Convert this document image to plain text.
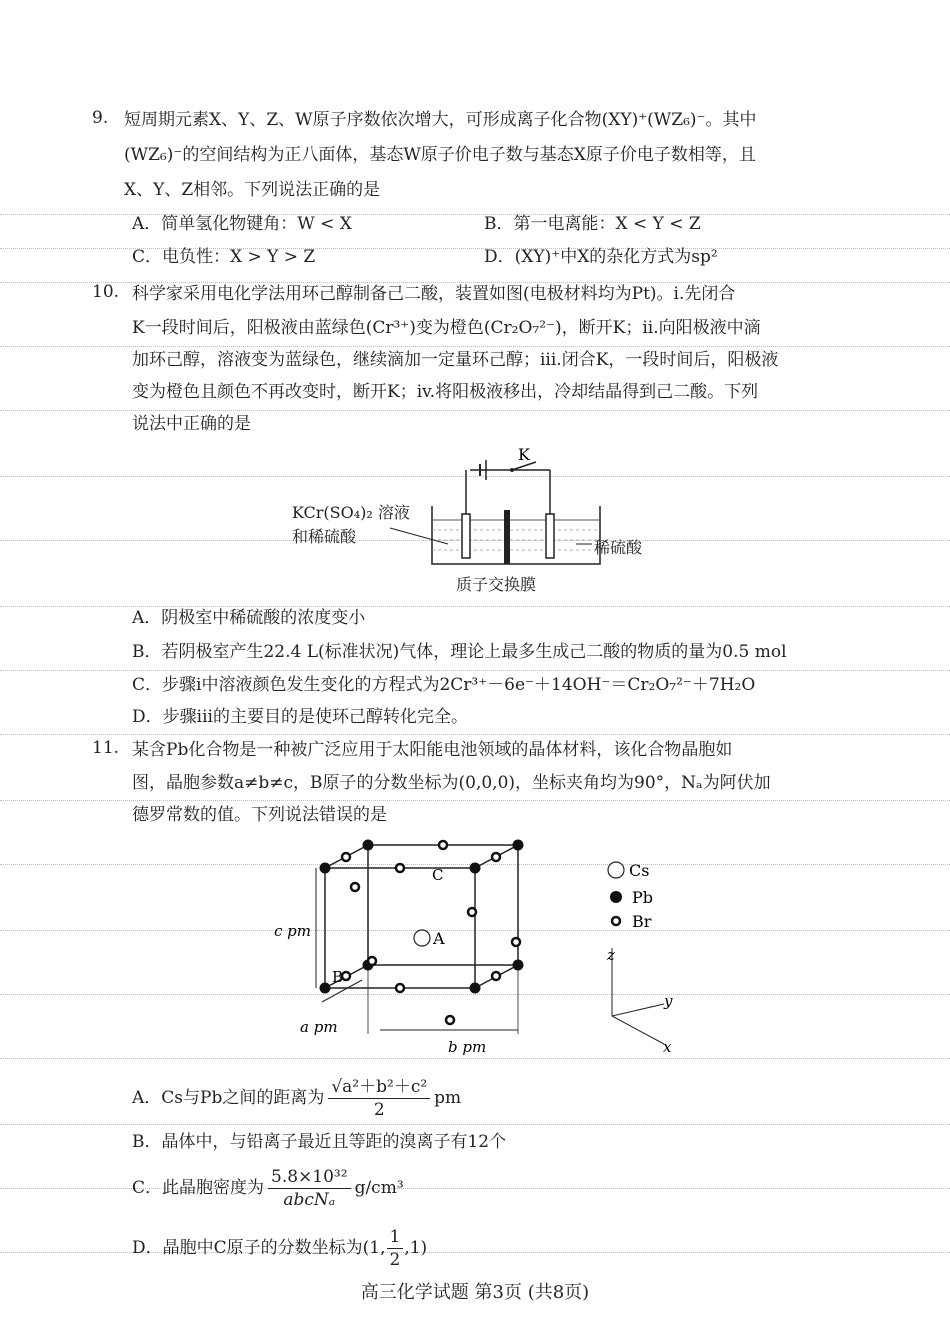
9. 短周期元素X、Y、Z、W原子序数依次增大，可形成离子化合物(XY)⁺(WZ₆)⁻。其中
(WZ₆)⁻的空间结构为正八面体，基态W原子价电子数与基态X原子价电子数相等，且
X、Y、Z相邻。下列说法正确的是
A．简单氢化物键角：W < X	B．第一电离能：X < Y < Z
C．电负性：X > Y > Z	D．(XY)⁺中X的杂化方式为sp²
10. 科学家采用电化学法用环己醇制备己二酸，装置如图(电极材料均为Pt)。i.先闭合
K一段时间后，阳极液由蓝绿色(Cr³⁺)变为橙色(Cr₂O₇²⁻)，断开K；ii.向阳极液中滴
加环己醇，溶液变为蓝绿色，继续滴加一定量环己醇；iii.闭合K，一段时间后，阳极液
变为橙色且颜色不再改变时，断开K；iv.将阳极液移出，冷却结晶得到己二酸。下列
说法中正确的是
K
KCr(SO₄)₂ 溶液
和稀硫酸
稀硫酸
质子交换膜
A．阴极室中稀硫酸的浓度变小
B．若阴极室产生22.4 L(标准状况)气体，理论上最多生成己二酸的物质的量为0.5 mol
C．步骤i中溶液颜色发生变化的方程式为2Cr³⁺－6e⁻＋14OH⁻＝Cr₂O₇²⁻＋7H₂O
D．步骤iii的主要目的是使环己醇转化完全。
11. 某含Pb化合物是一种被广泛应用于太阳能电池领域的晶体材料，该化合物晶胞如
图，晶胞参数a≠b≠c，B原子的分数坐标为(0,0,0)，坐标夹角均为90°，Nₐ为阿伏加
德罗常数的值。下列说法错误的是
A
B
C
c pm
a pm
b pm
Cs
Pb
Br
z
y
x
A．Cs与Pb之间的距离为 $\frac{\text{√a²＋b²＋c²}}{2}$ pm
B．晶体中，与铅离子最近且等距的溴离子有12个
C．此晶胞密度为 $\frac{\text{5.8×10³²}}{\text{abcNₐ}} g/cm^3$
D．晶胞中C原子的分数坐标为(1, $\frac{1}{2} ,1$)
高三化学试题 第3页 (共8页)
